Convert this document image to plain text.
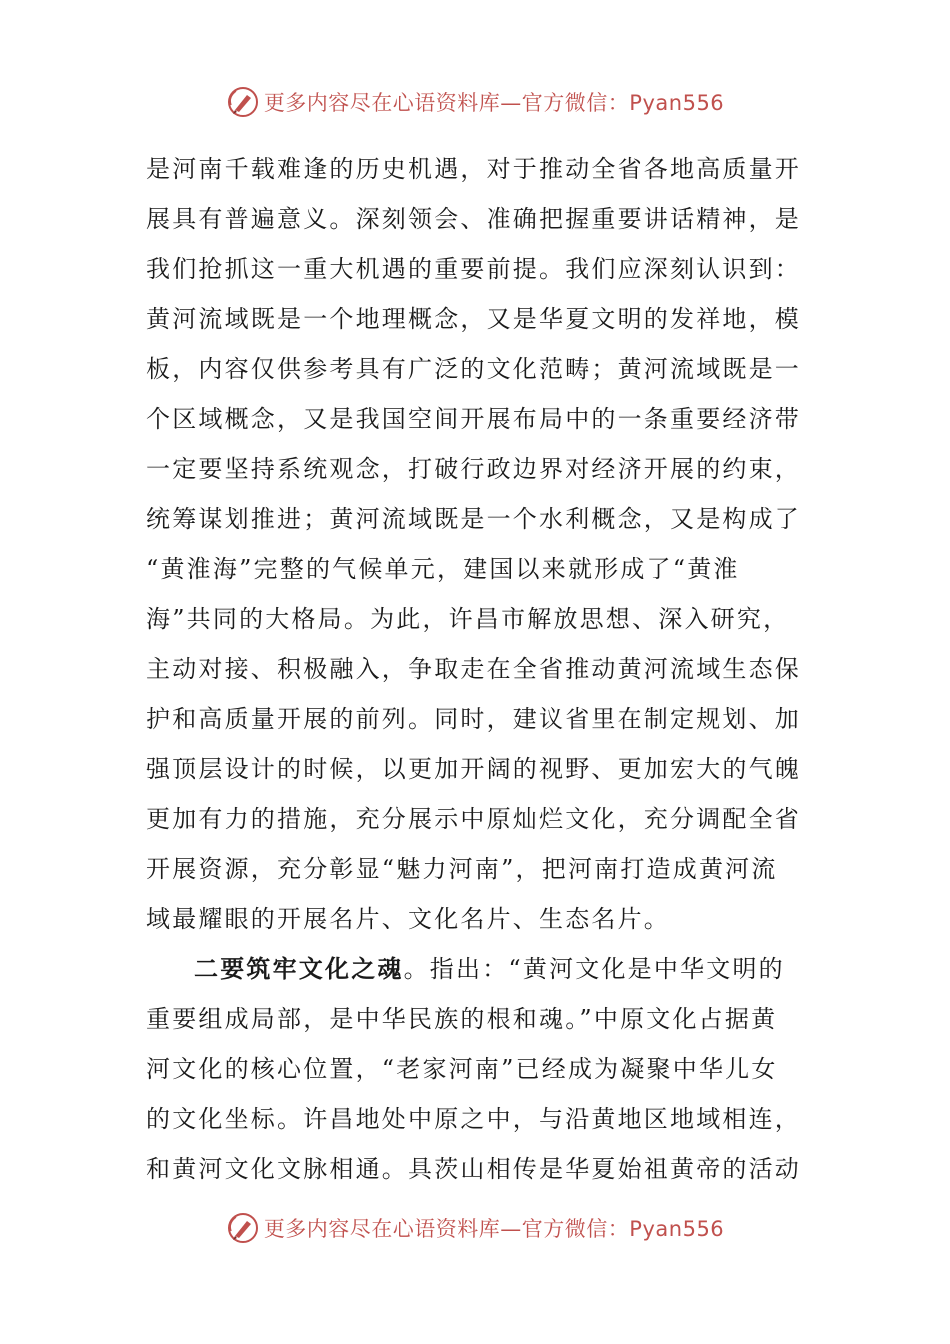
更多内容尽在心语资料库—官方微信：Pyan556
是河南千载难逢的历史机遇，对于推动全省各地高质量开
展具有普遍意义。深刻领会、准确把握重要讲话精神，是
我们抢抓这一重大机遇的重要前提。我们应深刻认识到：
黄河流域既是一个地理概念，又是华夏文明的发祥地，模
板，内容仅供参考具有广泛的文化范畴；黄河流域既是一
个区域概念，又是我国空间开展布局中的一条重要经济带
一定要坚持系统观念，打破行政边界对经济开展的约束，
统筹谋划推进；黄河流域既是一个水利概念，又是构成了
“黄淮海”完整的气候单元，建国以来就形成了“黄淮
海”共同的大格局。为此，许昌市解放思想、深入研究，
主动对接、积极融入，争取走在全省推动黄河流域生态保
护和高质量开展的前列。同时，建议省里在制定规划、加
强顶层设计的时候，以更加开阔的视野、更加宏大的气魄
更加有力的措施，充分展示中原灿烂文化，充分调配全省
开展资源，充分彰显“魅力河南”，把河南打造成黄河流
域最耀眼的开展名片、文化名片、生态名片。
二要筑牢文化之魂。指出：“黄河文化是中华文明的
重要组成局部，是中华民族的根和魂。”中原文化占据黄
河文化的核心位置，“老家河南”已经成为凝聚中华儿女
的文化坐标。许昌地处中原之中，与沿黄地区地域相连，
和黄河文化文脉相通。具茨山相传是华夏始祖黄帝的活动
更多内容尽在心语资料库—官方微信：Pyan556
